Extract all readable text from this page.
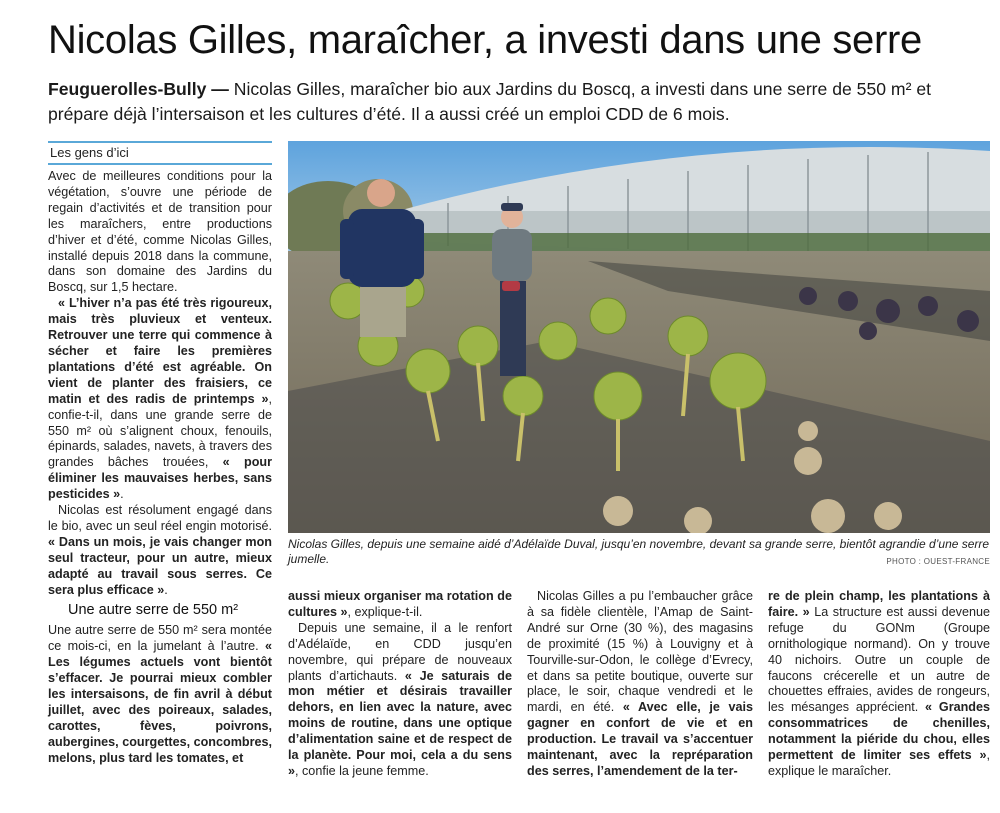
Nicolas Gilles, maraîcher, a investi dans une serre

Feuguerolles-Bully — Nicolas Gilles, maraîcher bio aux Jardins du Boscq, a investi dans une serre de 550 m² et prépare déjà l’intersaison et les cultures d’été. Il a aussi créé un emploi CDD de 6 mois.

Les gens d’ici

Avec de meilleures conditions pour la végétation, s’ouvre une période de regain d’activités et de transition pour les maraîchers, entre productions d’hiver et d’été, comme Nicolas Gilles, installé depuis 2018 dans la commune, dans son domaine des Jardins du Boscq, sur 1,5 hectare.

« L’hiver n’a pas été très rigoureux, mais très pluvieux et venteux. Retrouver une terre qui commence à sécher et faire les premières plantations d’été est agréable. On vient de planter des fraisiers, ce matin et des radis de printemps », confie-t-il, dans une grande serre de 550 m² où s’alignent choux, fenouils, épinards, salades, navets, à travers des grandes bâches trouées, « pour éliminer les mauvaises herbes, sans pesticides ».

Nicolas est résolument engagé dans le bio, avec un seul réel engin motorisé. « Dans un mois, je vais changer mon seul tracteur, pour un autre, mieux adapté au travail sous serres. Ce sera plus efficace ».

Une autre serre de 550 m²

Une autre serre de 550 m² sera montée ce mois-ci, en la jumelant à l’autre. « Les légumes actuels vont bientôt s’effacer. Je pourrai mieux combler les intersaisons, de fin avril à début juillet, avec des poireaux, salades, carottes, fèves, poivrons, aubergines, courgettes, concombres, melons, plus tard les tomates, et

Nicolas Gilles, depuis une semaine aidé d’Adélaïde Duval, jusqu’en novembre, devant sa grande serre, bientôt agrandie d’une serre jumelle.	PHOTO : OUEST-FRANCE

aussi mieux organiser ma rotation de cultures », explique-t-il.

Depuis une semaine, il a le renfort d’Adélaïde, en CDD jusqu’en novembre, qui prépare de nouveaux plants d’artichauts. « Je saturais de mon métier et désirais travailler dehors, en lien avec la nature, avec moins de routine, dans une optique d’alimentation saine et de respect de la planète. Pour moi, cela a du sens », confie la jeune femme.

Nicolas Gilles a pu l’embaucher grâce à sa fidèle clientèle, l’Amap de Saint-André sur Orne (30 %), des magasins de proximité (15 %) à Louvigny et à Tourville-sur-Odon, le collège d’Evrecy, et dans sa petite boutique, ouverte sur place, le soir, chaque vendredi et le mardi, en été. « Avec elle, je vais gagner en confort de vie et en production. Le travail va s’accentuer maintenant, avec la repréparation des serres, l’amendement de la ter-

re de plein champ, les plantations à faire. » La structure est aussi devenue refuge du GONm (Groupe ornithologique normand). On y trouve 40 nichoirs. Outre un couple de faucons crécerelle et un autre de chouettes effraies, avides de rongeurs, les mésanges apprécient. « Grandes consommatrices de chenilles, notamment la piéride du chou, elles permettent de limiter ses effets », explique le maraîcher.
